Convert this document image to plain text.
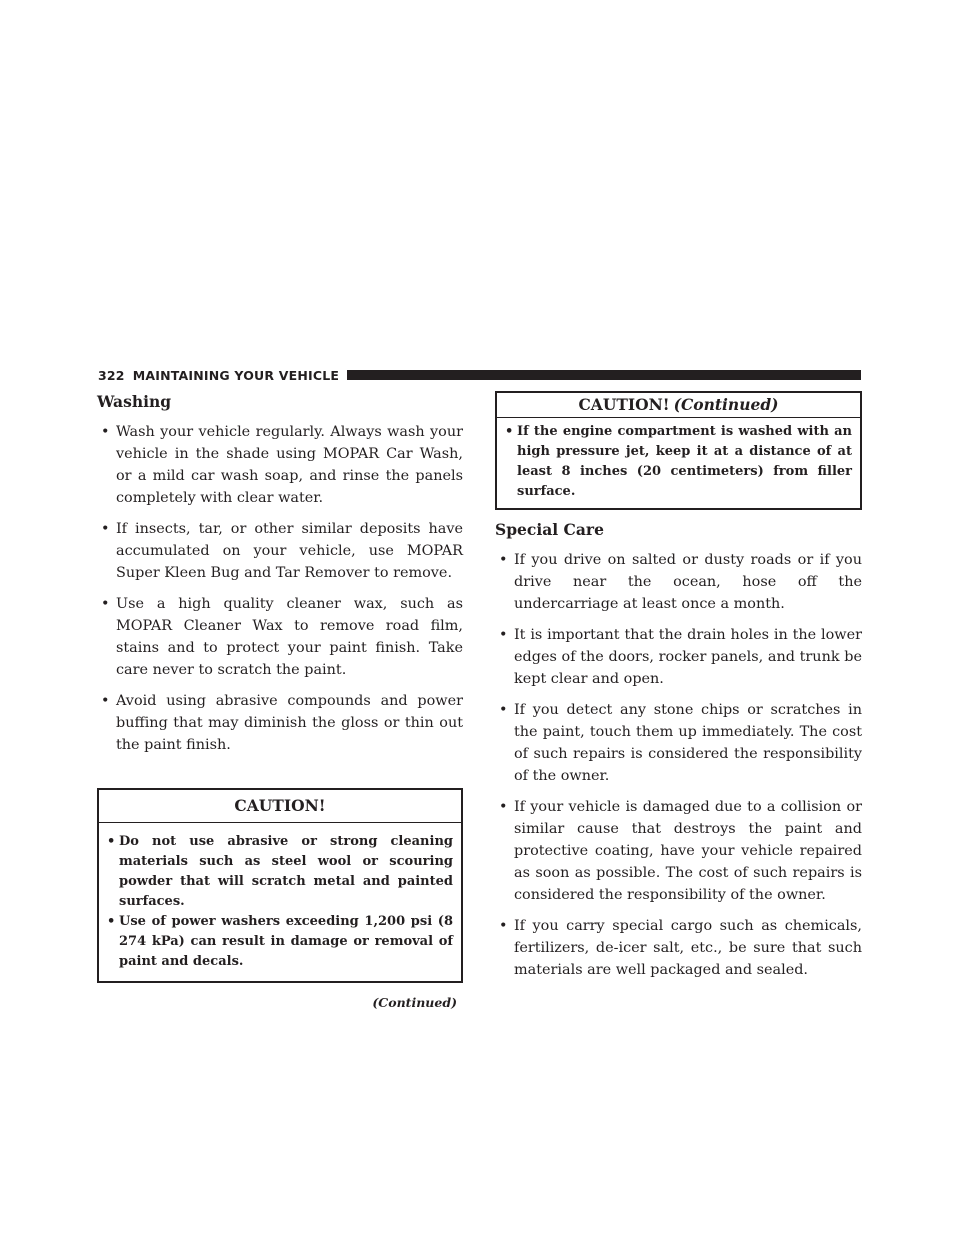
322 MAINTAINING YOUR VEHICLE
Washing
• Wash your vehicle regularly. Always wash your vehicle in the shade using MOPAR Car Wash, or a mild car wash soap, and rinse the panels completely with clear water.
• If insects, tar, or other similar deposits have accumulated on your vehicle, use MOPAR Super Kleen Bug and Tar Remover to remove.
• Use a high quality cleaner wax, such as MOPAR Cleaner Wax to remove road film, stains and to protect your paint finish. Take care never to scratch the paint.
• Avoid using abrasive compounds and power buffing that may diminish the gloss or thin out the paint finish.
CAUTION!
• Do not use abrasive or strong cleaning materials such as steel wool or scouring powder that will scratch metal and painted surfaces.
• Use of power washers exceeding 1,200 psi (8 274 kPa) can result in damage or removal of paint and decals.
(Continued)
CAUTION! (Continued)
• If the engine compartment is washed with an high pressure jet, keep it at a distance of at least 8 inches (20 centimeters) from filler surface.
Special Care
• If you drive on salted or dusty roads or if you drive near the ocean, hose off the undercarriage at least once a month.
• It is important that the drain holes in the lower edges of the doors, rocker panels, and trunk be kept clear and open.
• If you detect any stone chips or scratches in the paint, touch them up immediately. The cost of such repairs is considered the responsibility of the owner.
• If your vehicle is damaged due to a collision or similar cause that destroys the paint and protective coating, have your vehicle repaired as soon as possible. The cost of such repairs is considered the responsibility of the owner.
• If you carry special cargo such as chemicals, fertilizers, de-icer salt, etc., be sure that such materials are well packaged and sealed.
